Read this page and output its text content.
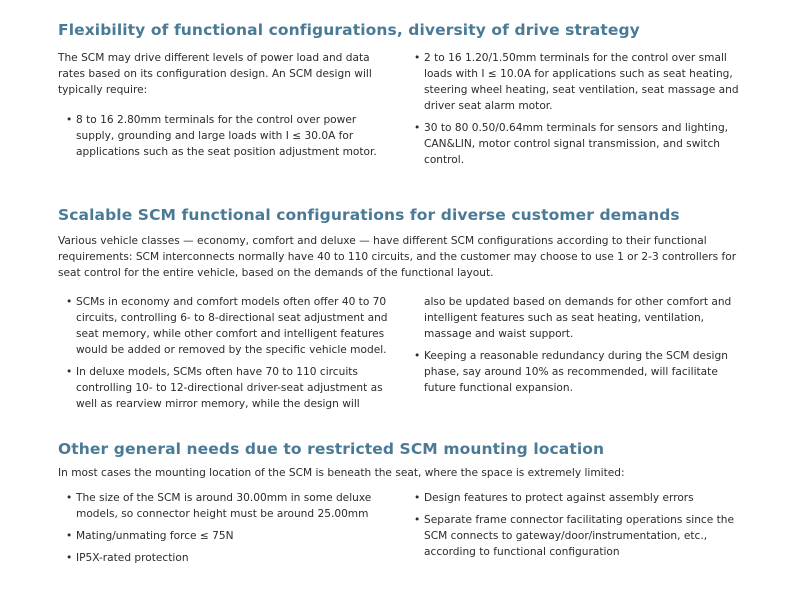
Flexibility of functional configurations, diversity of drive strategy

The SCM may drive different levels of power load and data rates based on its configuration design. An SCM design will typically require:

• 8 to 16 2.80mm terminals for the control over power supply, grounding and large loads with I ≤ 30.0A for applications such as the seat position adjustment motor.
• 2 to 16 1.20/1.50mm terminals for the control over small loads with I ≤ 10.0A for applications such as seat heating, steering wheel heating, seat ventilation, seat massage and driver seat alarm motor.
• 30 to 80 0.50/0.64mm terminals for sensors and lighting, CAN&LIN, motor control signal transmission, and switch control.
Scalable SCM functional configurations for diverse customer demands

Various vehicle classes — economy, comfort and deluxe — have different SCM configurations according to their functional requirements: SCM interconnects normally have 40 to 110 circuits, and the customer may choose to use 1 or 2-3 controllers for seat control for the entire vehicle, based on the demands of the functional layout.

• SCMs in economy and comfort models often offer 40 to 70 circuits, controlling 6- to 8-directional seat adjustment and seat memory, while other comfort and intelligent features would be added or removed by the specific vehicle model.
• In deluxe models, SCMs often have 70 to 110 circuits controlling 10- to 12-directional driver-seat adjustment as well as rearview mirror memory, while the design will
also be updated based on demands for other comfort and intelligent features such as seat heating, ventilation, massage and waist support.
• Keeping a reasonable redundancy during the SCM design phase, say around 10% as recommended, will facilitate future functional expansion.
Other general needs due to restricted SCM mounting location

In most cases the mounting location of the SCM is beneath the seat, where the space is extremely limited:

• The size of the SCM is around 30.00mm in some deluxe models, so connector height must be around 25.00mm
• Mating/unmating force ≤ 75N
• IP5X-rated protection
• Design features to protect against assembly errors
• Separate frame connector facilitating operations since the SCM connects to gateway/door/instrumentation, etc., according to functional configuration
